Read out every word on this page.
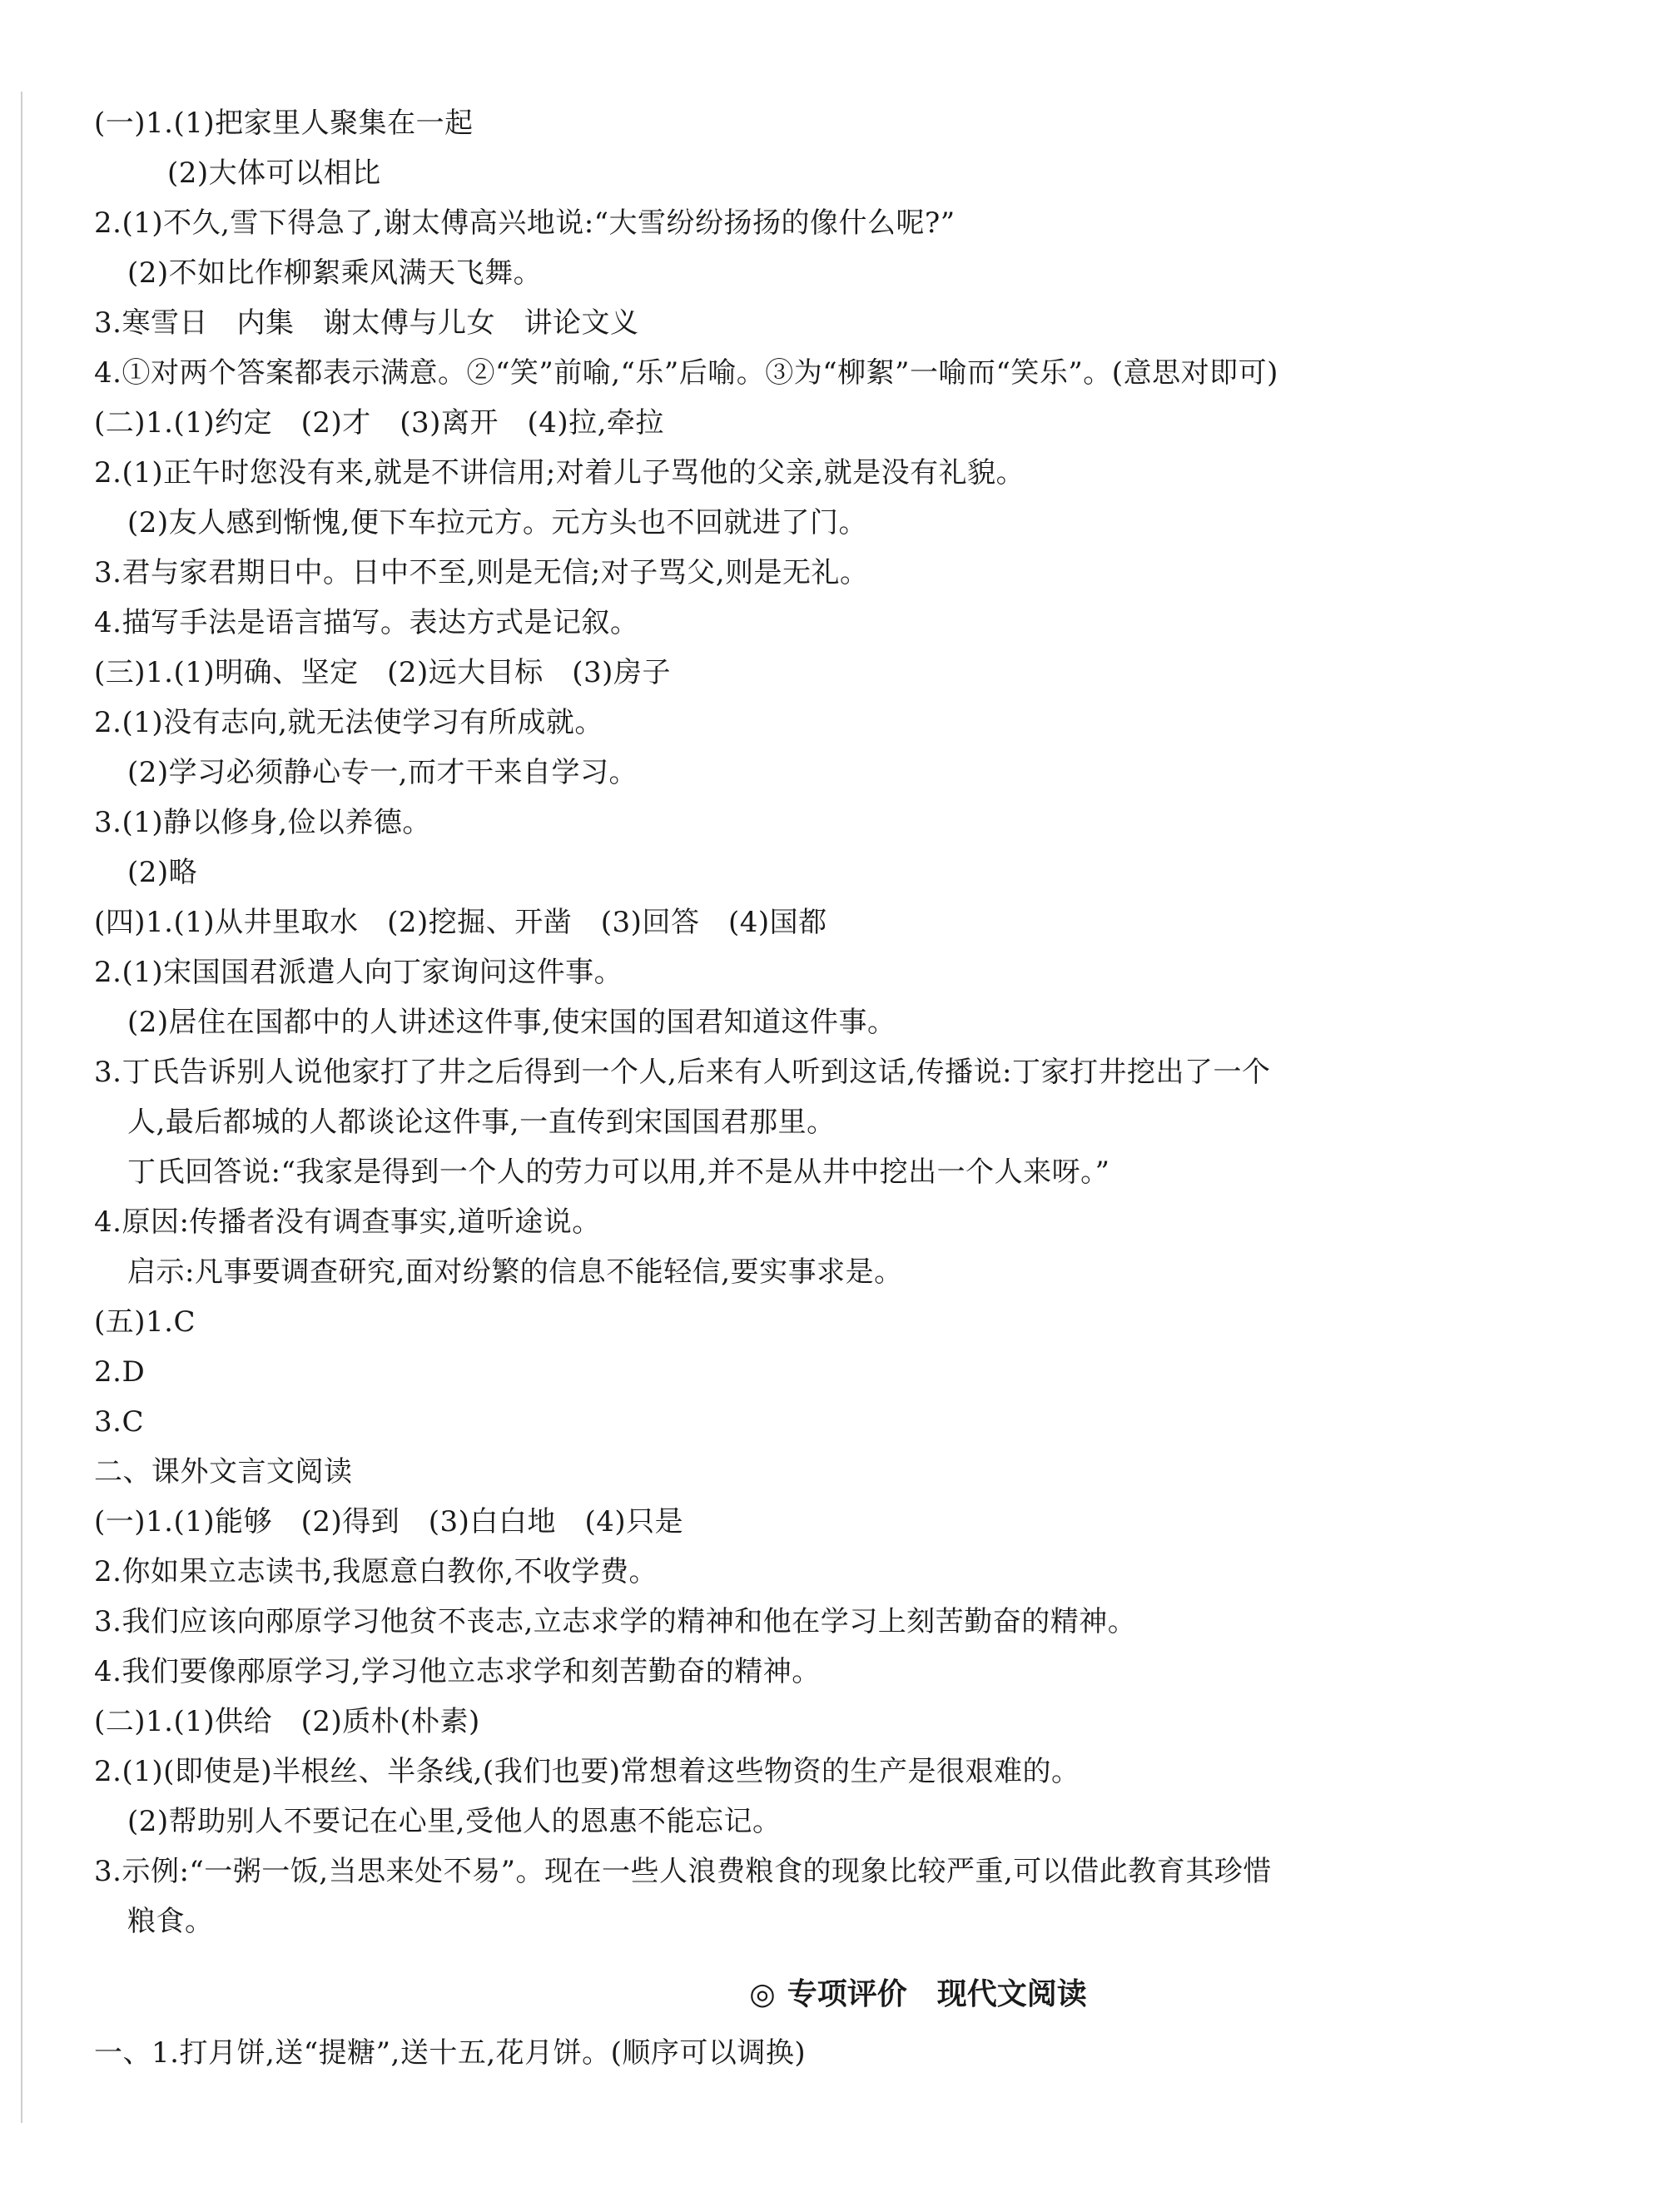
(一)1.(1)把家里人聚集在一起
(2)大体可以相比
2.(1)不久,雪下得急了,谢太傅高兴地说:“大雪纷纷扬扬的像什么呢?”
(2)不如比作柳絮乘风满天飞舞。
3.寒雪日　内集　谢太傅与儿女　讲论文义
4.①对两个答案都表示满意。②“笑”前喻,“乐”后喻。③为“柳絮”一喻而“笑乐”。(意思对即可)
(二)1.(1)约定　(2)才　(3)离开　(4)拉,牵拉
2.(1)正午时您没有来,就是不讲信用;对着儿子骂他的父亲,就是没有礼貌。
(2)友人感到惭愧,便下车拉元方。元方头也不回就进了门。
3.君与家君期日中。日中不至,则是无信;对子骂父,则是无礼。
4.描写手法是语言描写。表达方式是记叙。
(三)1.(1)明确、坚定　(2)远大目标　(3)房子
2.(1)没有志向,就无法使学习有所成就。
(2)学习必须静心专一,而才干来自学习。
3.(1)静以修身,俭以养德。
(2)略
(四)1.(1)从井里取水　(2)挖掘、开凿　(3)回答　(4)国都
2.(1)宋国国君派遣人向丁家询问这件事。
(2)居住在国都中的人讲述这件事,使宋国的国君知道这件事。
3.丁氏告诉别人说他家打了井之后得到一个人,后来有人听到这话,传播说:丁家打井挖出了一个
人,最后都城的人都谈论这件事,一直传到宋国国君那里。
丁氏回答说:“我家是得到一个人的劳力可以用,并不是从井中挖出一个人来呀。”
4.原因:传播者没有调查事实,道听途说。
启示:凡事要调查研究,面对纷繁的信息不能轻信,要实事求是。
(五)1.C
2.D
3.C
二、课外文言文阅读
(一)1.(1)能够　(2)得到　(3)白白地　(4)只是
2.你如果立志读书,我愿意白教你,不收学费。
3.我们应该向邴原学习他贫不丧志,立志求学的精神和他在学习上刻苦勤奋的精神。
4.我们要像邴原学习,学习他立志求学和刻苦勤奋的精神。
(二)1.(1)供给　(2)质朴(朴素)
2.(1)(即使是)半根丝、半条线,(我们也要)常想着这些物资的生产是很艰难的。
(2)帮助别人不要记在心里,受他人的恩惠不能忘记。
3.示例:“一粥一饭,当思来处不易”。现在一些人浪费粮食的现象比较严重,可以借此教育其珍惜
粮食。
◎ 专项评价 现代文阅读
一、1.打月饼,送“提糖”,送十五,花月饼。(顺序可以调换)
